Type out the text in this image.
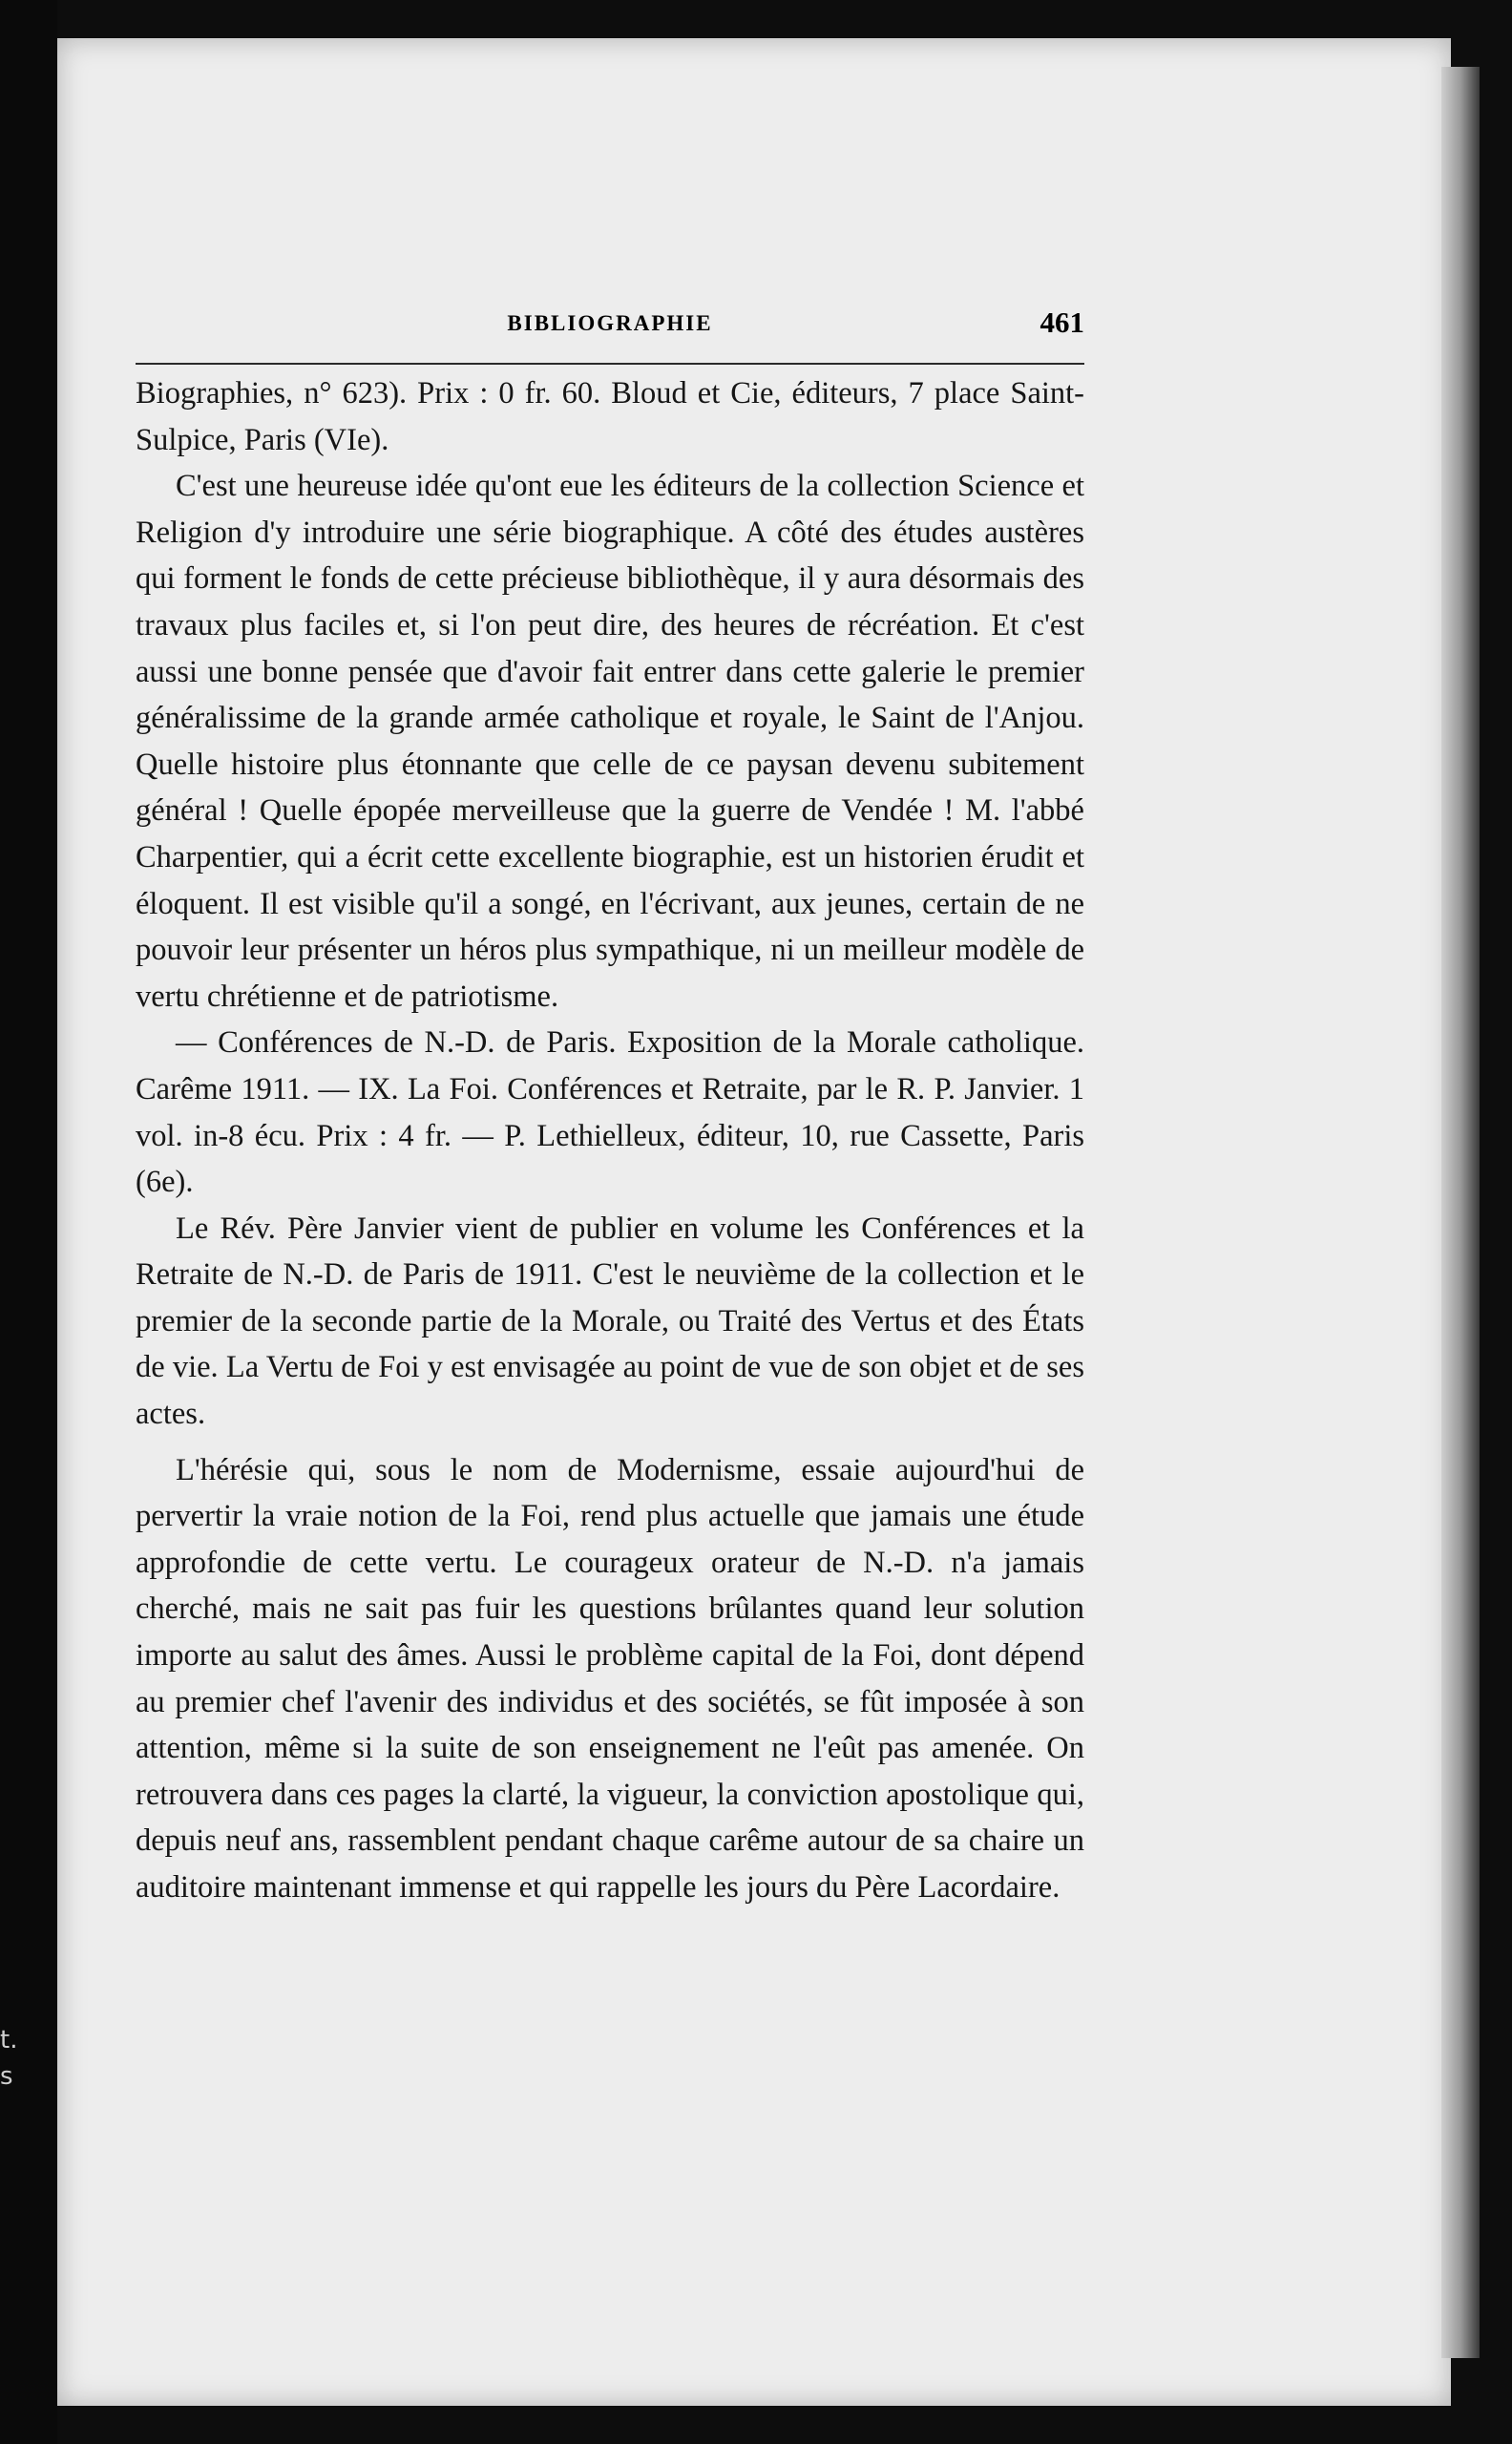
t.
s
BIBLIOGRAPHIE	461

Biographies, n° 623). Prix : 0 fr. 60. Bloud et Cie, éditeurs, 7 place Saint-Sulpice, Paris (VIe).

C'est une heureuse idée qu'ont eue les éditeurs de la collection Science et Religion d'y introduire une série biographique. A côté des études austères qui forment le fonds de cette précieuse bibliothèque, il y aura désormais des travaux plus faciles et, si l'on peut dire, des heures de récréation. Et c'est aussi une bonne pensée que d'avoir fait entrer dans cette galerie le premier généralissime de la grande armée catholique et royale, le Saint de l'Anjou. Quelle histoire plus étonnante que celle de ce paysan devenu subitement général ! Quelle épopée merveilleuse que la guerre de Vendée ! M. l'abbé Charpentier, qui a écrit cette excellente biographie, est un historien érudit et éloquent. Il est visible qu'il a songé, en l'écrivant, aux jeunes, certain de ne pouvoir leur présenter un héros plus sympathique, ni un meilleur modèle de vertu chrétienne et de patriotisme.

— Conférences de N.-D. de Paris. Exposition de la Morale catholique. Carême 1911. — IX. La Foi. Conférences et Retraite, par le R. P. Janvier. 1 vol. in-8 écu. Prix : 4 fr. — P. Lethielleux, éditeur, 10, rue Cassette, Paris (6e).

Le Rév. Père Janvier vient de publier en volume les Conférences et la Retraite de N.-D. de Paris de 1911. C'est le neuvième de la collection et le premier de la seconde partie de la Morale, ou Traité des Vertus et des États de vie. La Vertu de Foi y est envisagée au point de vue de son objet et de ses actes.

L'hérésie qui, sous le nom de Modernisme, essaie aujourd'hui de pervertir la vraie notion de la Foi, rend plus actuelle que jamais une étude approfondie de cette vertu. Le courageux orateur de N.-D. n'a jamais cherché, mais ne sait pas fuir les questions brûlantes quand leur solution importe au salut des âmes. Aussi le problème capital de la Foi, dont dépend au premier chef l'avenir des individus et des sociétés, se fût imposée à son attention, même si la suite de son enseignement ne l'eût pas amenée. On retrouvera dans ces pages la clarté, la vigueur, la conviction apostolique qui, depuis neuf ans, rassemblent pendant chaque carême autour de sa chaire un auditoire maintenant immense et qui rappelle les jours du Père Lacordaire.
